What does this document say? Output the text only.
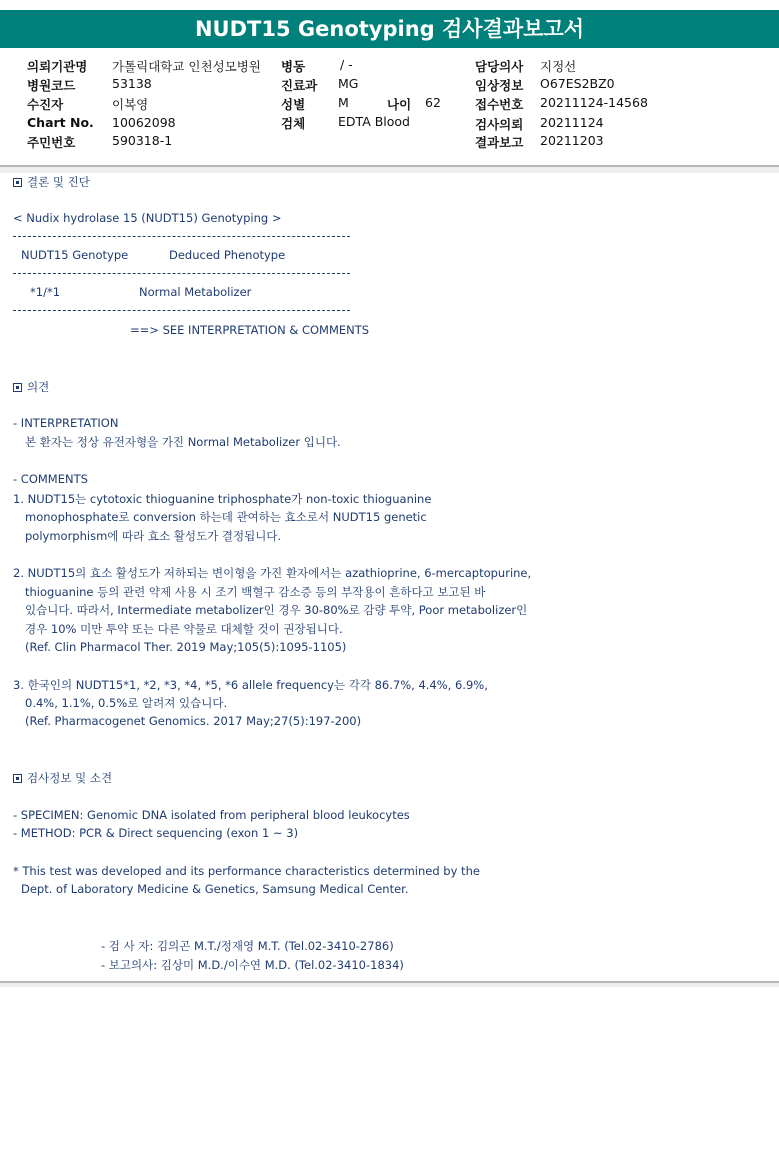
NUDT15 Genotyping 검사결과보고서
의뢰기관명 가톨릭대학교 인천성모병원
병원코드	53138
수진자	이복영
Chart No. 10062098
주민번호	590318-1
병동	/ -
진료과 MG
성별	M	나이 62
검체	EDTA Blood
담당의사 지정선
임상정보 O67ES2BZ0
접수번호 20211124-14568
검사의뢰 20211124
결과보고 20211203
결론 및 진단
< Nudix hydrolase 15 (NUDT15) Genotyping >
NUDT15 Genotype	Deduced Phenotype
*1/*1	Normal Metabolizer
==> SEE INTERPRETATION & COMMENTS
의견
- INTERPRETATION
본 환자는 정상 유전자형을 가진 Normal Metabolizer 입니다.
- COMMENTS
1. NUDT15는 cytotoxic thioguanine triphosphate가 non-toxic thioguanine
monophosphate로 conversion 하는데 관여하는 효소로서 NUDT15 genetic
polymorphism에 따라 효소 활성도가 결정됩니다.
2. NUDT15의 효소 활성도가 저하되는 변이형을 가진 환자에서는 azathioprine, 6-mercaptopurine,
thioguanine 등의 관련 약제 사용 시 조기 백혈구 감소증 등의 부작용이 흔하다고 보고된 바
있습니다. 따라서, Intermediate metabolizer인 경우 30-80%로 감량 투약, Poor metabolizer인
경우 10% 미만 투약 또는 다른 약물로 대체할 것이 권장됩니다.
(Ref. Clin Pharmacol Ther. 2019 May;105(5):1095-1105)
3. 한국인의 NUDT15*1, *2, *3, *4, *5, *6 allele frequency는 각각 86.7%, 4.4%, 6.9%,
0.4%, 1.1%, 0.5%로 알려져 있습니다.
(Ref. Pharmacogenet Genomics. 2017 May;27(5):197-200)
검사정보 및 소견
- SPECIMEN: Genomic DNA isolated from peripheral blood leukocytes
- METHOD: PCR & Direct sequencing (exon 1 ~ 3)
* This test was developed and its performance characteristics determined by the
Dept. of Laboratory Medicine & Genetics, Samsung Medical Center.
- 검 사 자: 김의곤 M.T./정재영 M.T. (Tel.02-3410-2786)
- 보고의사: 김상미 M.D./이수연 M.D. (Tel.02-3410-1834)
